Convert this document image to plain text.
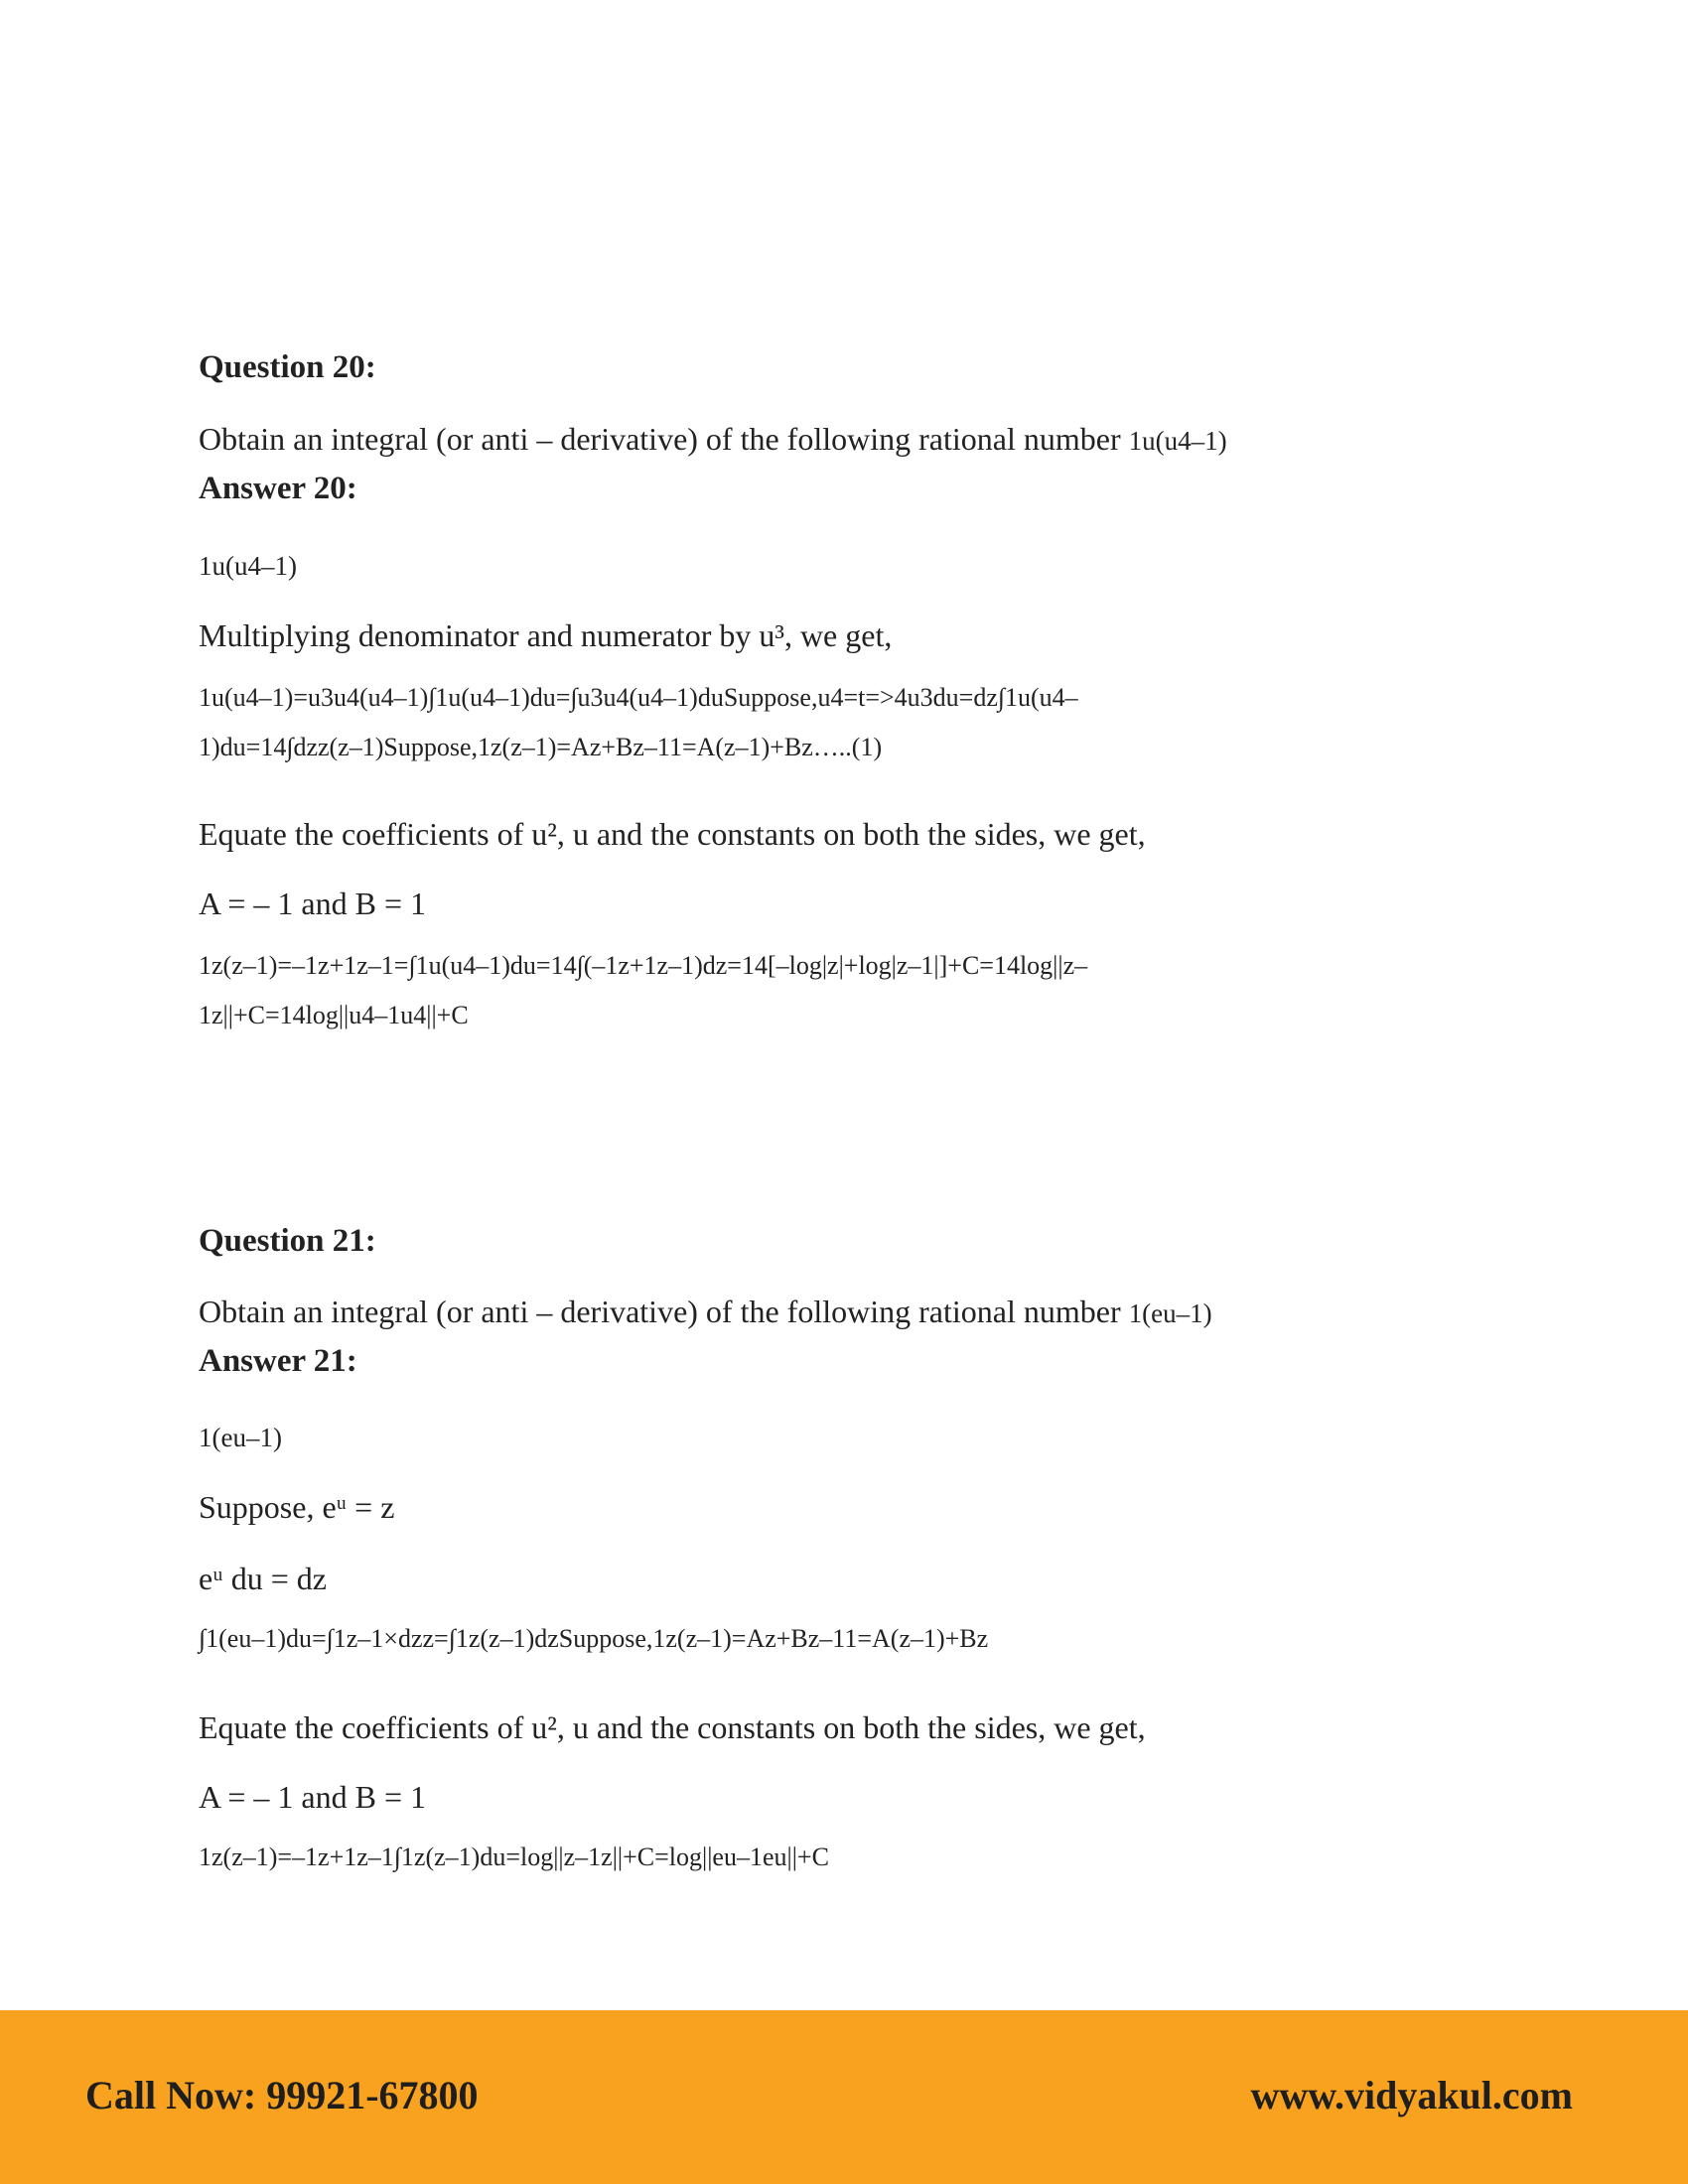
Question 20:
Obtain an integral (or anti – derivative) of the following rational number 1u(u4–1)
Answer 20:
1u(u4–1)
Multiplying denominator and numerator by u³, we get,
1u(u4–1)=u3u4(u4–1)∫1u(u4–1)du=∫u3u4(u4–1)duSuppose,u4=t=>4u3du=dz∫1u(u4–
1)du=14∫dzz(z–1)Suppose,1z(z–1)=Az+Bz–11=A(z–1)+Bz…..(1)
Equate the coefficients of u², u and the constants on both the sides, we get,
A = – 1 and B = 1
1z(z–1)=–1z+1z–1=∫1u(u4–1)du=14∫(–1z+1z–1)dz=14[–log|z|+log|z–1|]+C=14log||z–
1z||+C=14log||u4–1u4||+C
Question 21:
Obtain an integral (or anti – derivative) of the following rational number 1(eu–1)
Answer 21:
1(eu–1)
Suppose, eᵘ = z
eᵘ du = dz
∫1(eu–1)du=∫1z–1×dzz=∫1z(z–1)dzSuppose,1z(z–1)=Az+Bz–11=A(z–1)+Bz
Equate the coefficients of u², u and the constants on both the sides, we get,
A = – 1 and B = 1
1z(z–1)=–1z+1z–1∫1z(z–1)du=log||z–1z||+C=log||eu–1eu||+C
Call Now: 99921-67800	www.vidyakul.com
